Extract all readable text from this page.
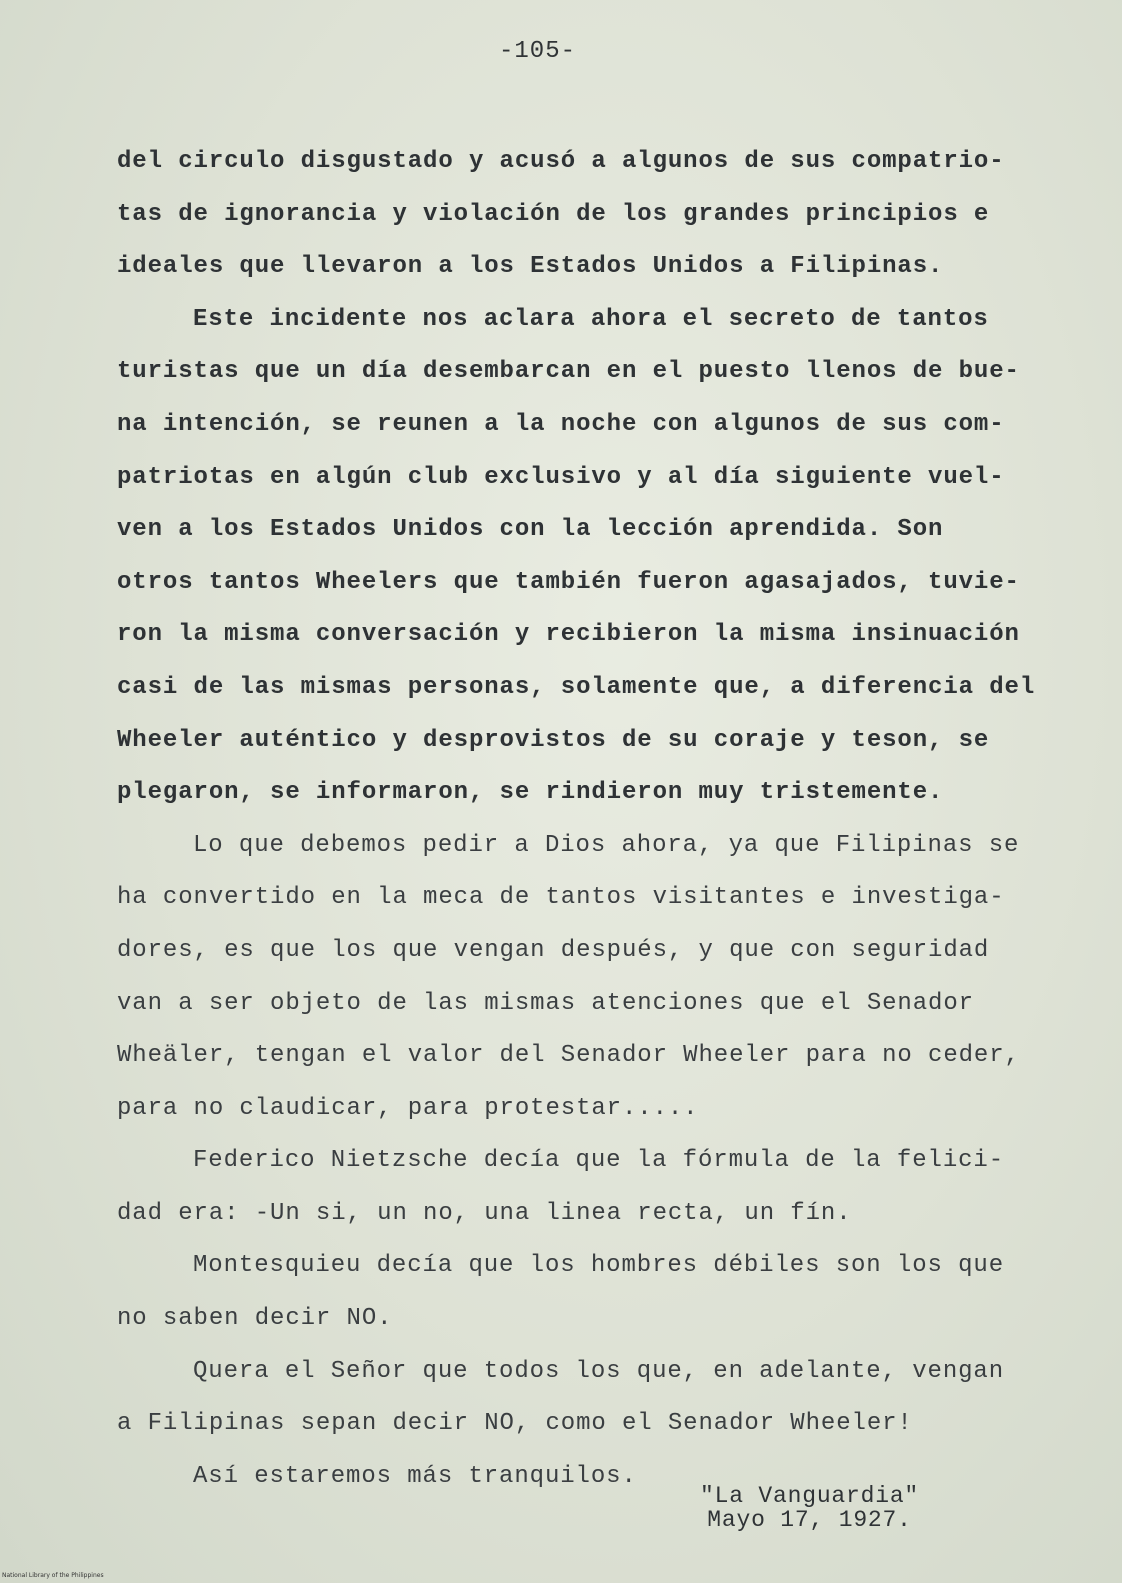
-105-
del circulo disgustado y acusó a algunos de sus compatrio-
tas de ignorancia y violación de los grandes principios e
ideales que llevaron a los Estados Unidos a Filipinas.
Este incidente nos aclara ahora el secreto de tantos
turistas que un día desembarcan en el puesto llenos de bue-
na intención, se reunen a la noche con algunos de sus com-
patriotas en algún club exclusivo y al día siguiente vuel-
ven a los Estados Unidos con la lección aprendida. Son
otros tantos Wheelers que también fueron agasajados, tuvie-
ron la misma conversación y recibieron la misma insinuación
casi de las mismas personas, solamente que, a diferencia del
Wheeler auténtico y desprovistos de su coraje y teson, se
plegaron, se informaron, se rindieron muy tristemente.
Lo que debemos pedir a Dios ahora, ya que Filipinas se
ha convertido en la meca de tantos visitantes e investiga-
dores, es que los que vengan después, y que con seguridad
van a ser objeto de las mismas atenciones que el Senador
Wheäler, tengan el valor del Senador Wheeler para no ceder,
para no claudicar, para protestar.....
Federico Nietzsche decía que la fórmula de la felici-
dad era: -Un si, un no, una linea recta, un fín.
Montesquieu decía que los hombres débiles son los que
no saben decir NO.
Quera el Señor que todos los que, en adelante, vengan
a Filipinas sepan decir NO, como el Senador Wheeler!
Así estaremos más tranquilos.
"La Vanguardia"
Mayo 17, 1927.
National Library of the Philippines
